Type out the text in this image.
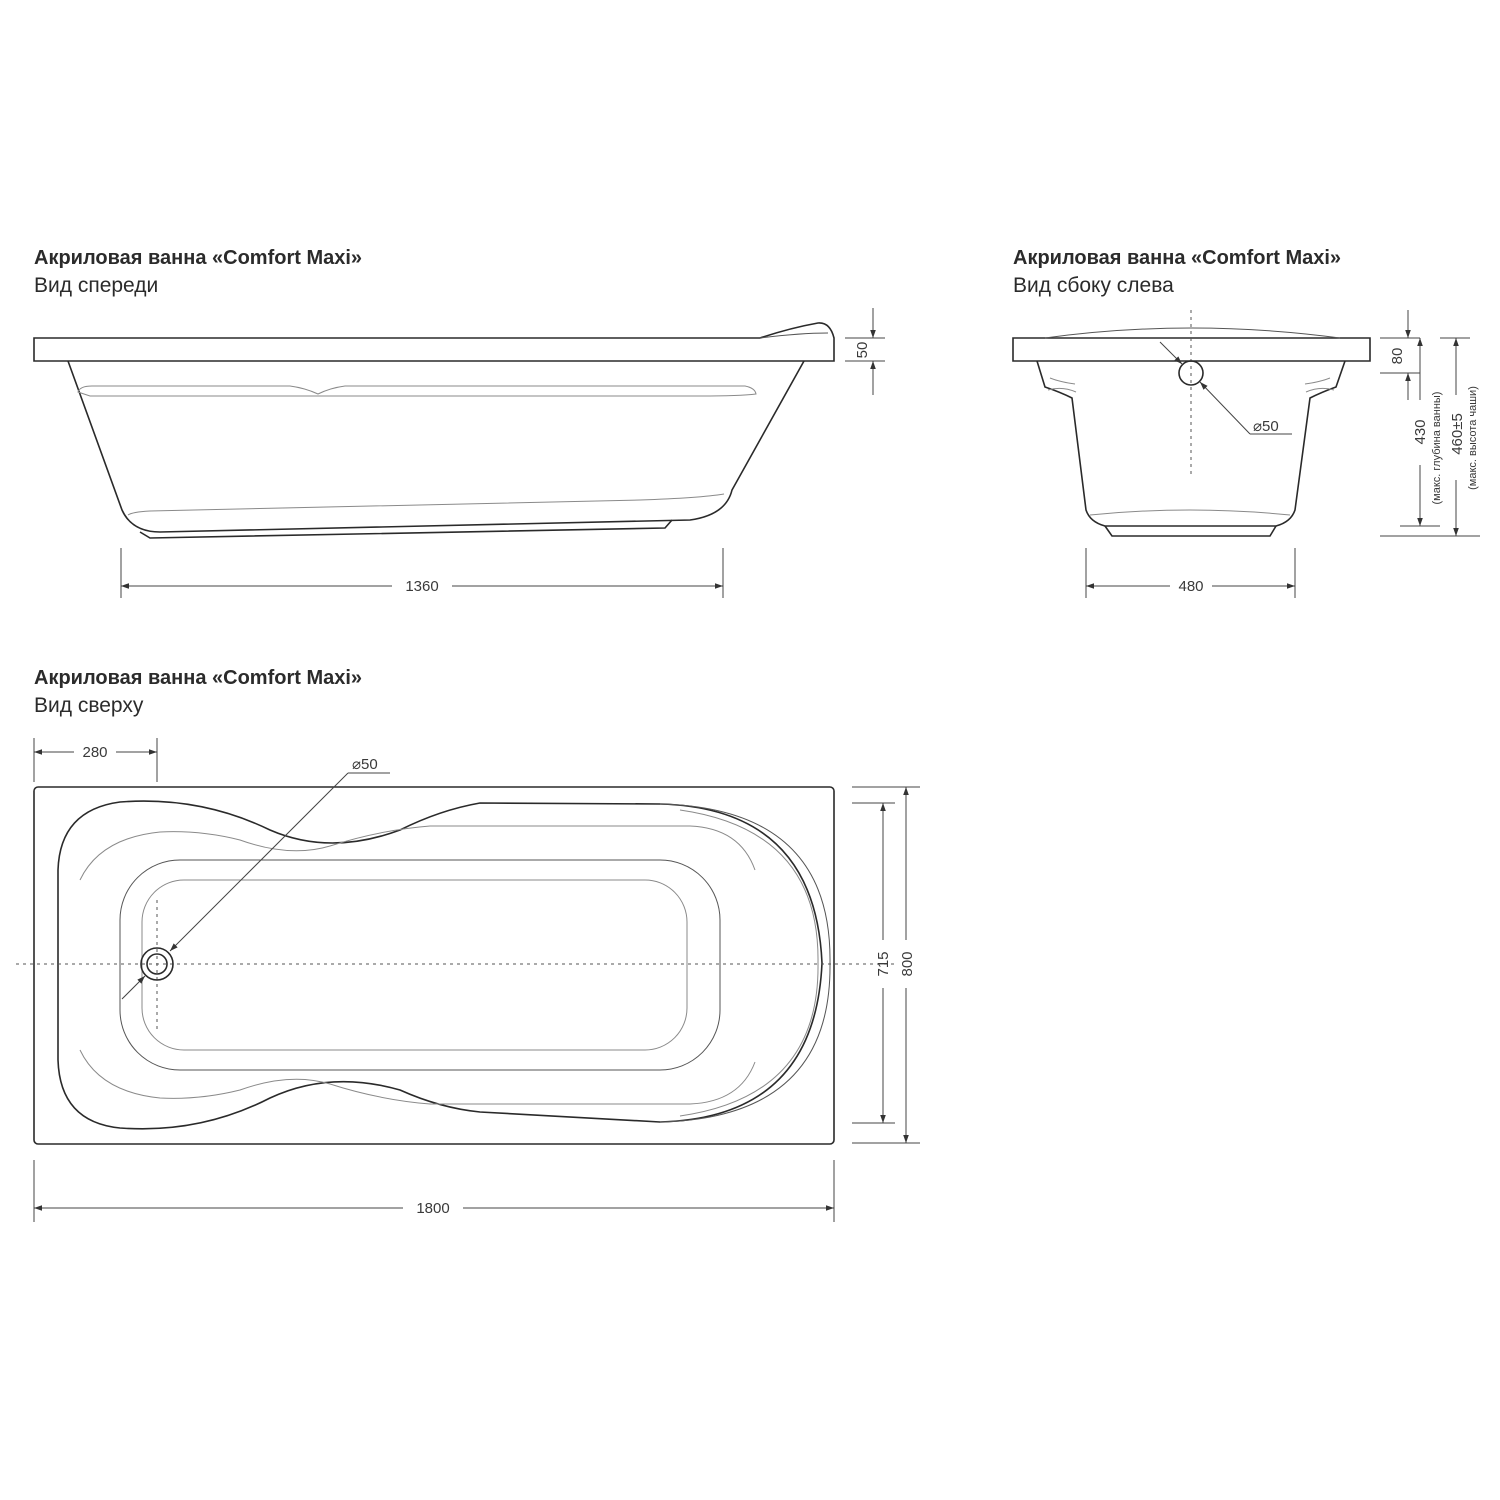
Акриловая ванна «Comfort Maxi»
Вид спереди
50
1360
Акриловая ванна «Comfort Maxi»
Вид сбоку слева
⌀50
80
430 (макс. глубина ванны) 460±5 (макс. высота чаши)
480
Акриловая ванна «Comfort Maxi»
Вид сверху
⌀50
280
715 800
1800
